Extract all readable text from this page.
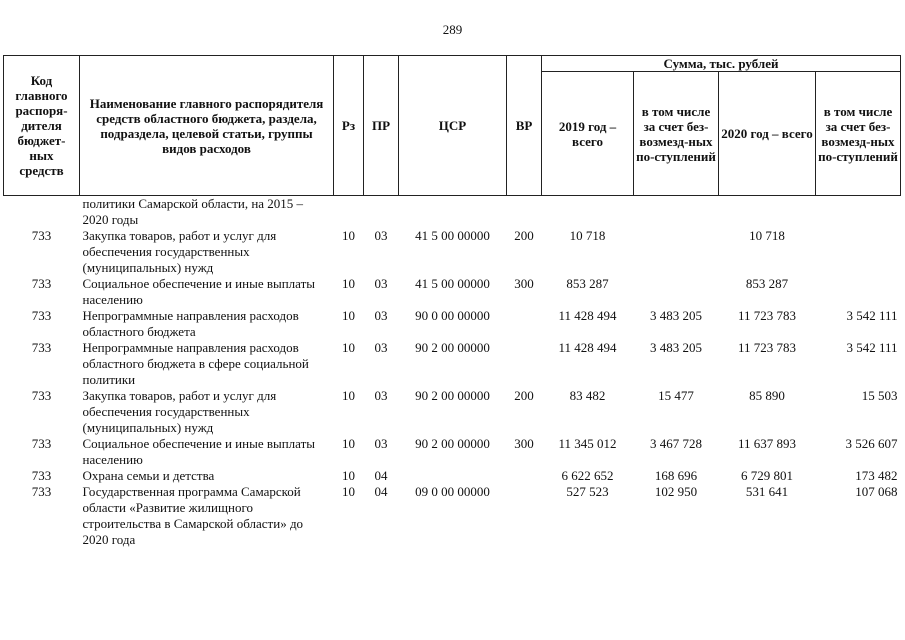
289
Код главного распоря-дителя бюджет-ных средств	Наименование главного распорядителя средств областного бюджета, раздела, подраздела, целевой статьи, группы видов расходов	Рз	ПР	ЦСР	ВР	Сумма, тыс. рублей			
						2019 год – всего	в том числе за счет без-возмезд-ных по-ступлений	2020 год – всего	в том числе за счет без-возмезд-ных по-ступлений
	политики Самарской области, на 2015 – 2020 годы								
733	Закупка товаров, работ и услуг для обеспечения государственных (муниципальных) нужд	10	03	41 5 00 00000	200	10 718		10 718	
733	Социальное обеспечение и иные выплаты населению	10	03	41 5 00 00000	300	853 287		853 287	
733	Непрограммные направления расходов областного бюджета	10	03	90 0 00 00000		11 428 494	3 483 205	11 723 783	3 542 111
733	Непрограммные направления расходов областного бюджета в сфере социальной политики	10	03	90 2 00 00000		11 428 494	3 483 205	11 723 783	3 542 111
733	Закупка товаров, работ и услуг для обеспечения государственных (муниципальных) нужд	10	03	90 2 00 00000	200	83 482	15 477	85 890	15 503
733	Социальное обеспечение и иные выплаты населению	10	03	90 2 00 00000	300	11 345 012	3 467 728	11 637 893	3 526 607
733	Охрана семьи и детства	10	04			6 622 652	168 696	6 729 801	173 482
733	Государственная программа Самарской области «Развитие жилищного строительства в Самарской области» до 2020 года	10	04	09 0 00 00000		527 523	102 950	531 641	107 068
